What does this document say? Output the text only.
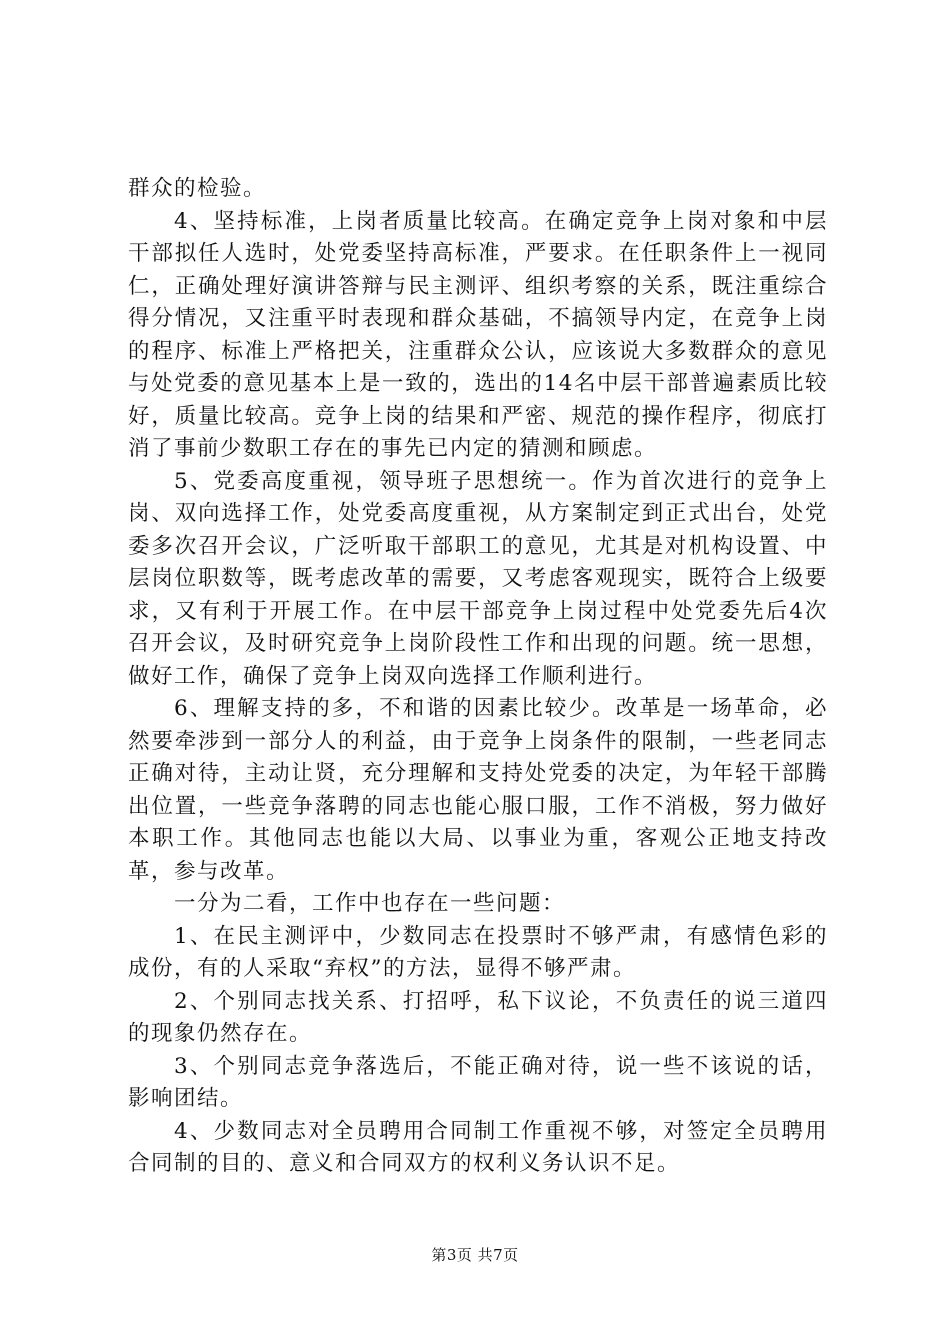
群众的检验。

4、坚持标准，上岗者质量比较高。在确定竞争上岗对象和中层干部拟任人选时，处党委坚持高标准，严要求。在任职条件上一视同仁，正确处理好演讲答辩与民主测评、组织考察的关系，既注重综合得分情况，又注重平时表现和群众基础，不搞领导内定，在竞争上岗的程序、标准上严格把关，注重群众公认，应该说大多数群众的意见与处党委的意见基本上是一致的，选出的14名中层干部普遍素质比较好，质量比较高。竞争上岗的结果和严密、规范的操作程序，彻底打消了事前少数职工存在的事先已内定的猜测和顾虑。

5、党委高度重视，领导班子思想统一。作为首次进行的竞争上岗、双向选择工作，处党委高度重视，从方案制定到正式出台，处党委多次召开会议，广泛听取干部职工的意见，尤其是对机构设置、中层岗位职数等，既考虑改革的需要，又考虑客观现实，既符合上级要求，又有利于开展工作。在中层干部竞争上岗过程中处党委先后4次召开会议，及时研究竞争上岗阶段性工作和出现的问题。统一思想，做好工作，确保了竞争上岗双向选择工作顺利进行。

6、理解支持的多，不和谐的因素比较少。改革是一场革命，必然要牵涉到一部分人的利益，由于竞争上岗条件的限制，一些老同志正确对待，主动让贤，充分理解和支持处党委的决定，为年轻干部腾出位置，一些竞争落聘的同志也能心服口服，工作不消极，努力做好本职工作。其他同志也能以大局、以事业为重，客观公正地支持改革，参与改革。

一分为二看，工作中也存在一些问题：

1、在民主测评中，少数同志在投票时不够严肃，有感情色彩的成份，有的人采取“弃权”的方法，显得不够严肃。

2、个别同志找关系、打招呼，私下议论，不负责任的说三道四的现象仍然存在。

3、个别同志竞争落选后，不能正确对待，说一些不该说的话，影响团结。

4、少数同志对全员聘用合同制工作重视不够，对签定全员聘用合同制的目的、意义和合同双方的权利义务认识不足。

第3页 共7页
